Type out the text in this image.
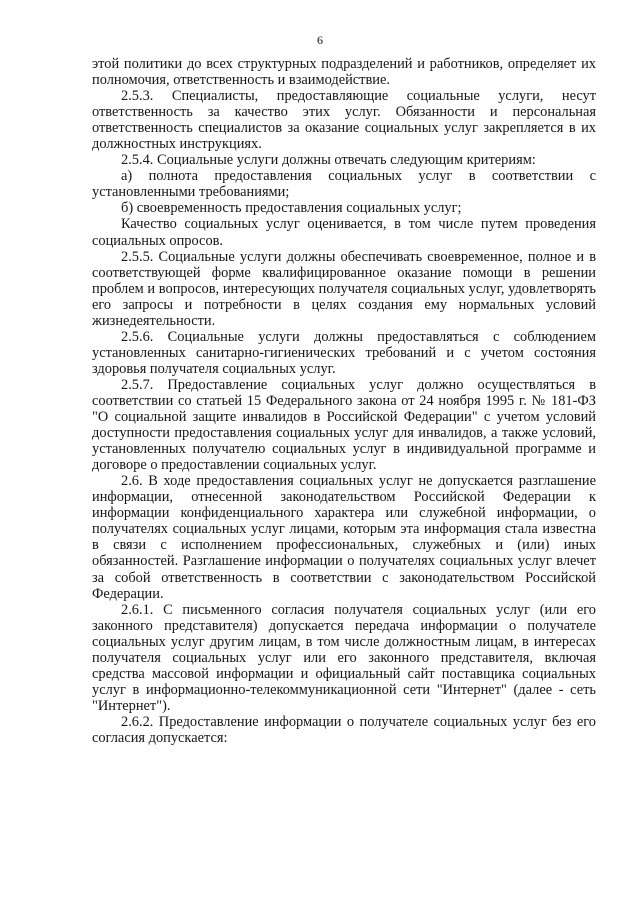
6

этой политики до всех структурных подразделений и работников, определяет их полномочия, ответственность и взаимодействие.

2.5.3. Специалисты, предоставляющие социальные услуги, несут ответственность за качество этих услуг. Обязанности и персональная ответственность специалистов за оказание социальных услуг закрепляется в их должностных инструкциях.

2.5.4. Социальные услуги должны отвечать следующим критериям:

а) полнота предоставления социальных услуг в соответствии с установленными требованиями;

б) своевременность предоставления социальных услуг;

Качество социальных услуг оценивается, в том числе путем проведения социальных опросов.

2.5.5. Социальные услуги должны обеспечивать своевременное, полное и в соответствующей форме квалифицированное оказание помощи в решении проблем и вопросов, интересующих получателя социальных услуг, удовлетворять его запросы и потребности в целях создания ему нормальных условий жизнедеятельности.

2.5.6. Социальные услуги должны предоставляться с соблюдением установленных санитарно-гигиенических требований и с учетом состояния здоровья получателя социальных услуг.

2.5.7. Предоставление социальных услуг должно осуществляться в соответствии со статьей 15 Федерального закона от 24 ноября 1995 г. № 181-ФЗ "О социальной защите инвалидов в Российской Федерации" с учетом условий доступности предоставления социальных услуг для инвалидов, а также условий, установленных получателю социальных услуг в индивидуальной программе и договоре о предоставлении социальных услуг.

2.6. В ходе предоставления социальных услуг не допускается разглашение информации, отнесенной законодательством Российской Федерации к информации конфиденциального характера или служебной информации, о получателях социальных услуг лицами, которым эта информация стала известна в связи с исполнением профессиональных, служебных и (или) иных обязанностей. Разглашение информации о получателях социальных услуг влечет за собой ответственность в соответствии с законодательством Российской Федерации.

2.6.1. С письменного согласия получателя социальных услуг (или его законного представителя) допускается передача информации о получателе социальных услуг другим лицам, в том числе должностным лицам, в интересах получателя социальных услуг или его законного представителя, включая средства массовой информации и официальный сайт поставщика социальных услуг в информационно-телекоммуникационной сети "Интернет" (далее - сеть "Интернет").

2.6.2. Предоставление информации о получателе социальных услуг без его согласия допускается:
